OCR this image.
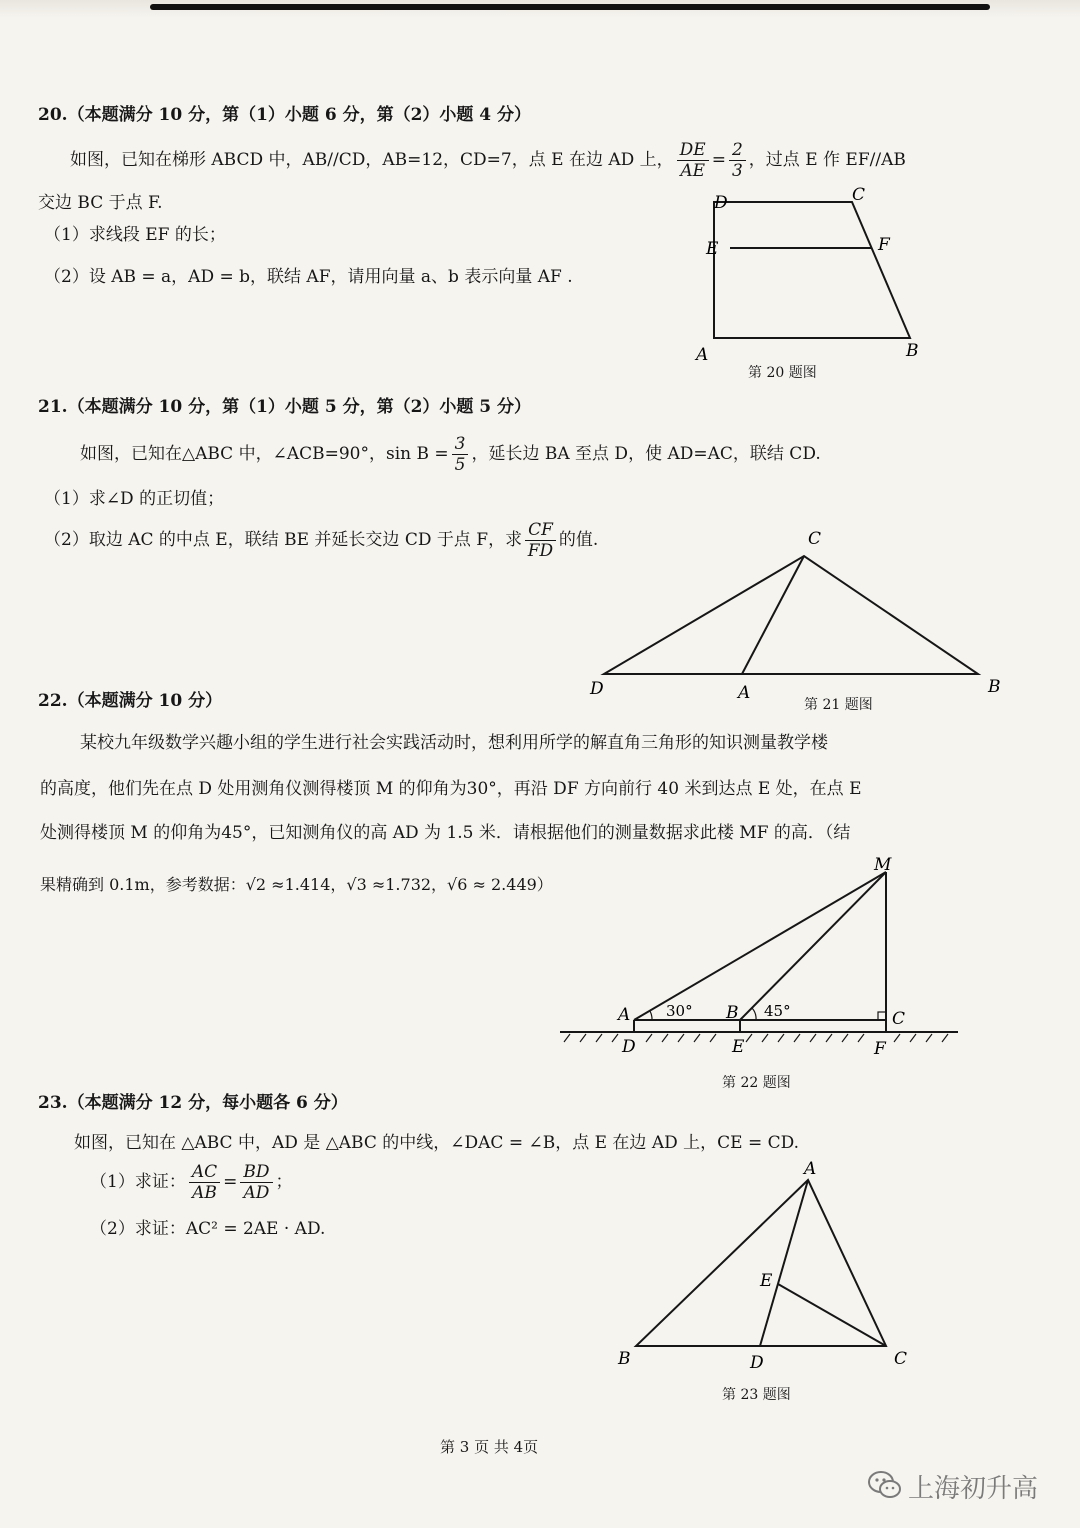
20.（本题满分 10 分，第（1）小题 6 分，第（2）小题 4 分）
如图，已知在梯形 ABCD 中，AB//CD，AB=12，CD=7，点 E 在边 AD 上， $\frac{DE}{AE} = \frac{2}{3}$ ，过点 E 作 EF//AB
交边 BC 于点 F.
（1）求线段 EF 的长；
（2）设 AB = a，AD = b，联结 AF，请用向量 a、b 表示向量 AF .
D	C
E	F
A	B
第 20 题图
21.（本题满分 10 分，第（1）小题 5 分，第（2）小题 5 分）
如图，已知在△ABC 中，∠ACB=90°，$\sin B = \frac{3}{5}$ ，延长边 BA 至点 D，使 AD=AC，联结 CD.
（1）求∠D 的正切值；
（2）取边 AC 的中点 E，联结 BE 并延长交边 CD 于点 F，求 $\frac{CF}{FD}$ 的值.	C
D	A	B
第 21 题图
22.（本题满分 10 分）
某校九年级数学兴趣小组的学生进行社会实践活动时，想利用所学的解直角三角形的知识测量教学楼
的高度，他们先在点 D 处用测角仪测得楼顶 M 的仰角为30°，再沿 DF 方向前行 40 米到达点 E 处，在点 E
处测得楼顶 M 的仰角为45°，已知测角仪的高 AD 为 1.5 米．请根据他们的测量数据求此楼 MF 的高．（结
果精确到 0.1m，参考数据：√2 ≈1.414，√3 ≈1.732，√6 ≈ 2.449）
30°	45°
M
A	B	C
D	E	F
第 22 题图
23.（本题满分 12 分，每小题各 6 分）
如图，已知在 △ABC 中，AD 是 △ABC 的中线，∠DAC = ∠B，点 E 在边 AD 上，CE = CD.
（1）求证： $\frac{AC}{AB} = \frac{BD}{AD}$ ；
（2）求证：AC² = 2AE · AD.
A
E
B	D	C
第 23 题图
第 3 页 共 4页
上海初升高
